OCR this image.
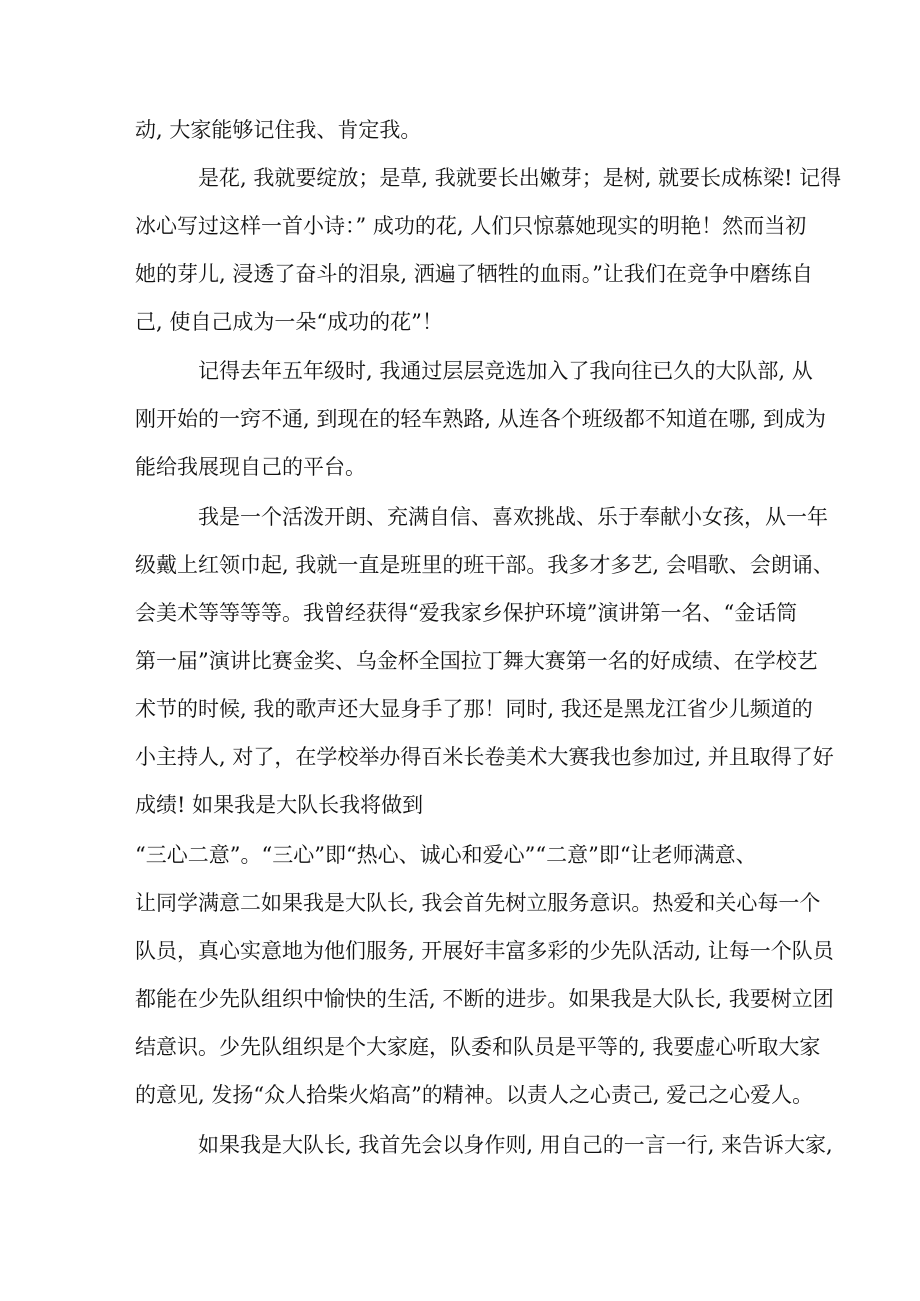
动, 大家能够记住我、肯定我。
是花, 我就要绽放；是草, 我就要长出嫩芽；是树, 就要长成栋梁! 记得
冰心写过这样一首小诗：” 成功的花, 人们只惊慕她现实的明艳！然而当初
她的芽儿, 浸透了奋斗的泪泉, 洒遍了牺牲的血雨。”让我们在竞争中磨练自
己, 使自己成为一朵“成功的花”！
记得去年五年级时, 我通过层层竞选加入了我向往已久的大队部, 从
刚开始的一窍不通, 到现在的轻车熟路, 从连各个班级都不知道在哪, 到成为
能给我展现自己的平台。
我是一个活泼开朗、充满自信、喜欢挑战、乐于奉献小女孩，从一年
级戴上红领巾起, 我就一直是班里的班干部。我多才多艺, 会唱歌、会朗诵、
会美术等等等等。我曾经获得“爱我家乡保护环境”演讲第一名、“金话筒
第一届”演讲比赛金奖、乌金杯全国拉丁舞大赛第一名的好成绩、在学校艺
术节的时候, 我的歌声还大显身手了那！同时, 我还是黑龙江省少儿频道的
小主持人, 对了，在学校举办得百米长卷美术大赛我也参加过, 并且取得了好
成绩! 如果我是大队长我将做到
“三心二意”。“三心”即“热心、诚心和爱心”“二意”即“让老师满意、
让同学满意二如果我是大队长, 我会首先树立服务意识。热爱和关心每一个
队员，真心实意地为他们服务, 开展好丰富多彩的少先队活动, 让每一个队员
都能在少先队组织中愉快的生活, 不断的进步。如果我是大队长, 我要树立团
结意识。少先队组织是个大家庭，队委和队员是平等的, 我要虚心听取大家
的意见, 发扬“众人拾柴火焰高”的精神。以责人之心责己, 爱己之心爱人。
如果我是大队长, 我首先会以身作则, 用自己的一言一行, 来告诉大家,
